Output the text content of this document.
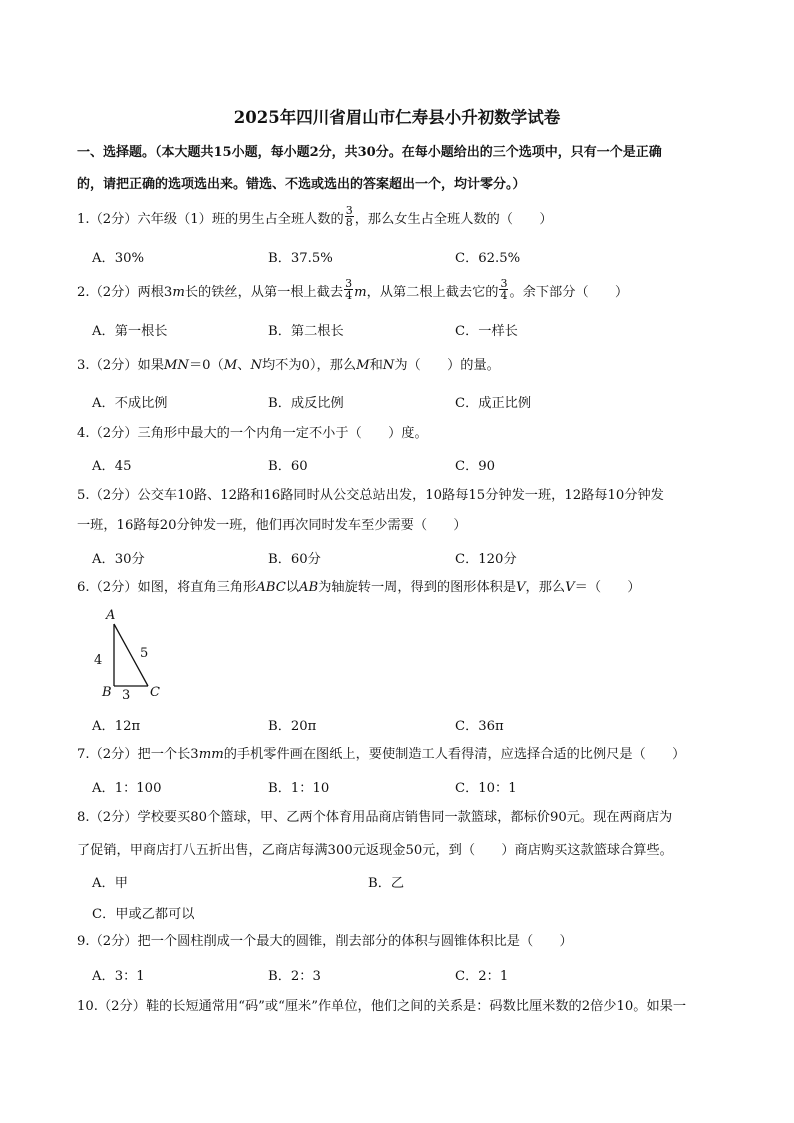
2025年四川省眉山市仁寿县小升初数学试卷
一、选择题。（本大题共15小题，每小题2分，共30分。在每小题给出的三个选项中，只有一个是正确
的，请把正确的选项选出来。错选、不选或选出的答案超出一个，均计零分。）
1.（2分）六年级（1）班的男生占全班人数的 $\frac{3}{8}$ ，那么女生占全班人数的（　　）
A．30%	B．37.5%	C．62.5%
2.（2分）两根3m长的铁丝，从第一根上截去 $\frac{3}{4}$ m，从第二根上截去它的 $\frac{3}{4}$ 。余下部分（　　）
A．第一根长	B．第二根长	C．一样长
3.（2分）如果MN＝0（M、N均不为0），那么M和N为（　　）的量。
A．不成比例	B．成反比例	C．成正比例
4.（2分）三角形中最大的一个内角一定不小于（　　）度。
A．45	B．60	C．90
5.（2分）公交车10路、12路和16路同时从公交总站出发，10路每15分钟发一班，12路每10分钟发
一班，16路每20分钟发一班，他们再次同时发车至少需要（　　）
A．30分	B．60分	C．120分
6.（2分）如图，将直角三角形ABC以AB为轴旋转一周，得到的图形体积是V，那么V＝（　　）
A
4	5
B 3 C
A．12π	B．20π	C．36π
7.（2分）把一个长3mm的手机零件画在图纸上，要使制造工人看得清，应选择合适的比例尺是（　　）
A．1：100	B．1：10	C．10：1
8.（2分）学校要买80个篮球，甲、乙两个体育用品商店销售同一款篮球，都标价90元。现在两商店为
了促销，甲商店打八五折出售，乙商店每满300元返现金50元，到（　　）商店购买这款篮球合算些。
A．甲	B．乙
C．甲或乙都可以
9.（2分）把一个圆柱削成一个最大的圆锥，削去部分的体积与圆锥体积比是（　　）
A．3：1	B．2：3	C．2：1
10.（2分）鞋的长短通常用“码”或“厘米”作单位，他们之间的关系是：码数比厘米数的2倍少10。如果一
